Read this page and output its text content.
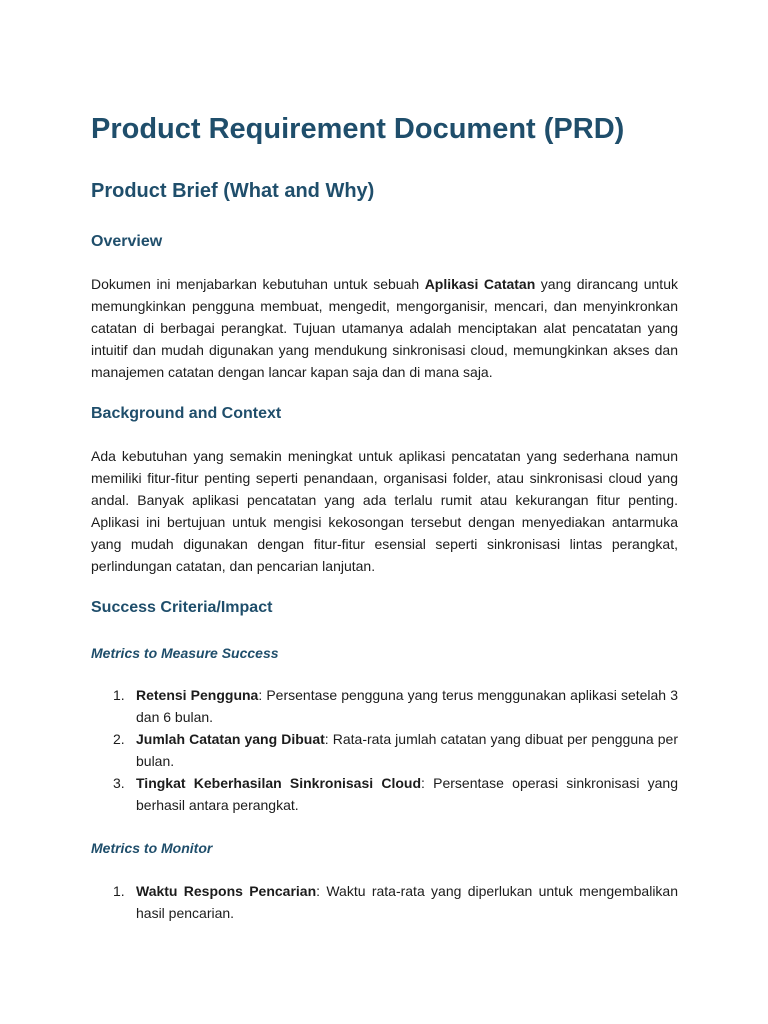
Product Requirement Document (PRD)
Product Brief (What and Why)
Overview

Dokumen ini menjabarkan kebutuhan untuk sebuah Aplikasi Catatan yang dirancang untuk memungkinkan pengguna membuat, mengedit, mengorganisir, mencari, dan menyinkronkan catatan di berbagai perangkat. Tujuan utamanya adalah menciptakan alat pencatatan yang intuitif dan mudah digunakan yang mendukung sinkronisasi cloud, memungkinkan akses dan manajemen catatan dengan lancar kapan saja dan di mana saja.

Background and Context

Ada kebutuhan yang semakin meningkat untuk aplikasi pencatatan yang sederhana namun memiliki fitur-fitur penting seperti penandaan, organisasi folder, atau sinkronisasi cloud yang andal. Banyak aplikasi pencatatan yang ada terlalu rumit atau kekurangan fitur penting. Aplikasi ini bertujuan untuk mengisi kekosongan tersebut dengan menyediakan antarmuka yang mudah digunakan dengan fitur-fitur esensial seperti sinkronisasi lintas perangkat, perlindungan catatan, dan pencarian lanjutan.

Success Criteria/Impact
Metrics to Measure Success
1. Retensi Pengguna: Persentase pengguna yang terus menggunakan aplikasi setelah 3 dan 6 bulan.
2. Jumlah Catatan yang Dibuat: Rata-rata jumlah catatan yang dibuat per pengguna per bulan.
3. Tingkat Keberhasilan Sinkronisasi Cloud: Persentase operasi sinkronisasi yang berhasil antara perangkat.
Metrics to Monitor
1. Waktu Respons Pencarian: Waktu rata-rata yang diperlukan untuk mengembalikan hasil pencarian.
